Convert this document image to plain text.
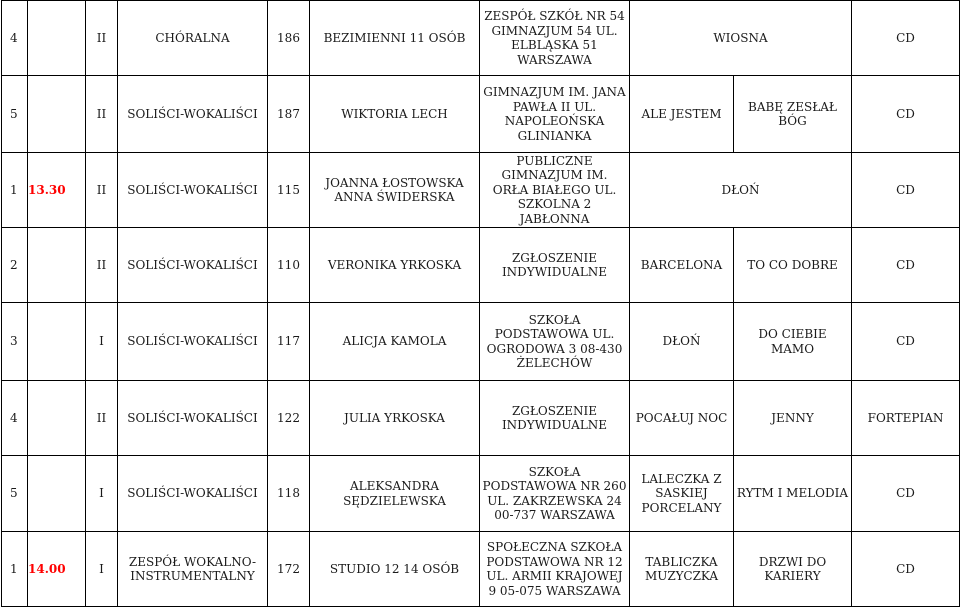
4		II	CHÓRALNA	186	BEZIMIENNI 11 OSÓB	ZESPÓŁ SZKÓŁ NR 54 GIMNAZJUM 54 UL. ELBLĄSKA 51 WARSZAWA	WIOSNA		CD
5		II	SOLIŚCI-WOKALIŚCI	187	WIKTORIA LECH	GIMNAZJUM IM. JANA PAWŁA II UL. NAPOLEOŃSKA GLINIANKA	ALE JESTEM	BABĘ ZESŁAŁ BÓG	CD
1	13.30	II	SOLIŚCI-WOKALIŚCI	115	JOANNA ŁOSTOWSKA ANNA ŚWIDERSKA	PUBLICZNE GIMNAZJUM IM. ORŁA BIAŁEGO UL. SZKOLNA 2 JABŁONNA	DŁOŃ		CD
2		II	SOLIŚCI-WOKALIŚCI	110	VERONIKA YRKOSKA	ZGŁOSZENIE INDYWIDUALNE	BARCELONA	TO CO DOBRE	CD
3		I	SOLIŚCI-WOKALIŚCI	117	ALICJA KAMOLA	SZKOŁA PODSTAWOWA UL. OGRODOWA 3 08-430 ŻELECHÓW	DŁOŃ	DO CIEBIE MAMO	CD
4		II	SOLIŚCI-WOKALIŚCI	122	JULIA YRKOSKA	ZGŁOSZENIE INDYWIDUALNE	POCAŁUJ NOC	JENNY	FORTEPIAN
5		I	SOLIŚCI-WOKALIŚCI	118	ALEKSANDRA SĘDZIELEWSKA	SZKOŁA PODSTAWOWA NR 260 UL. ZAKRZEWSKA 24 00-737 WARSZAWA	LALECZKA Z SASKIEJ PORCELANY	RYTM I MELODIA	CD
1	14.00	I	ZESPÓŁ WOKALNO-INSTRUMENTALNY	172	STUDIO 12 14 OSÓB	SPOŁECZNA SZKOŁA PODSTAWOWA NR 12 UL. ARMII KRAJOWEJ 9 05-075 WARSZAWA	TABLICZKA MUZYCZKA	DRZWI DO KARIERY	CD
